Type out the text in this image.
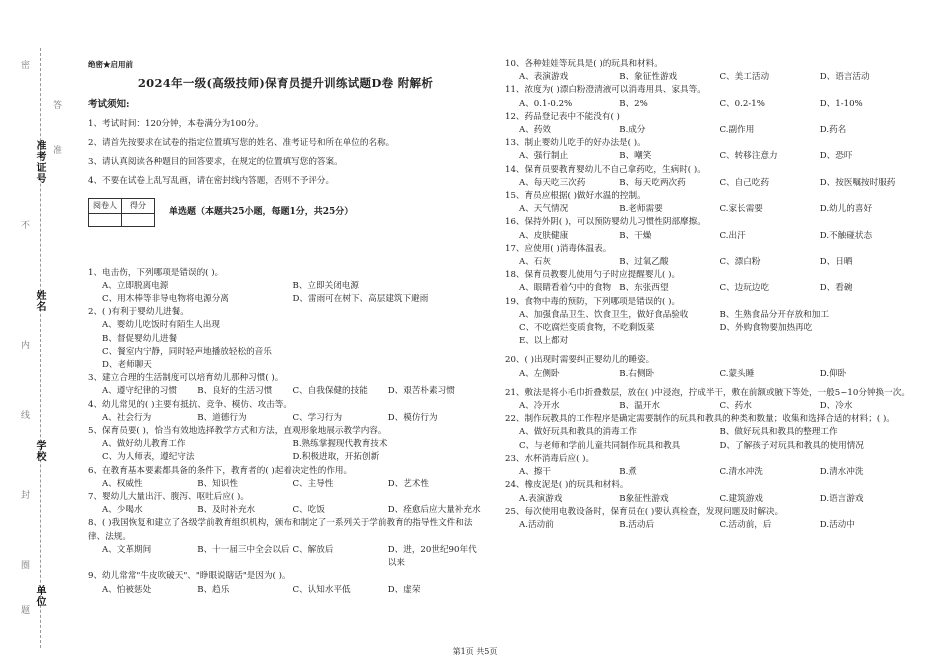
准考证号
姓名
学校
单位
密
不
内
线
封
圈
题
答
准
绝密★启用前
2024年一级(高级技师)保育员提升训练试题D卷 附解析
考试须知:
1、考试时间：120分钟，本卷满分为100分。
2、请首先按要求在试卷的指定位置填写您的姓名、准考证号和所在单位的名称。
3、请认真阅读各种题目的回答要求，在规定的位置填写您的答案。
4、不要在试卷上乱写乱画，请在密封线内答题，否则不予评分。
阅卷人	得分

单选题（本题共25小题，每题1分，共25分）
1、电击伤，下列哪项是错误的( )。
A、立即脱离电源	B、立即关闭电源
C、用木棒等非导电物将电源分离	D、雷雨可在树下、高层建筑下避雨
2、( )有利于婴幼儿进餐。
A、婴幼儿吃饭时有陌生人出现
B、督促婴幼儿进餐
C、餐室内宁静，同时轻声地播放轻松的音乐
D、老师聊天
3、建立合理的生活制度可以培育幼儿那种习惯( )。
A、遵守纪律的习惯	B、良好的生活习惯	C、自我保健的技能	D、艰苦朴素习惯
4、幼儿常见的( )主要有抵抗、竞争、模仿、攻击等。
A、社会行为	B、道德行为	C、学习行为	D、模仿行为
5、保育员要( )，恰当有效地选择教学方式和方法，直观形象地展示教学内容。
A、做好幼儿教育工作	B.熟练掌握现代教育技术
C、为人师表，遵纪守法	D.积极进取，开拓创新
6、在教育基本要素都具备的条件下，教育者的( )起着决定性的作用。
A、权威性	B、知识性	C、主导性	D、艺术性
7、婴幼儿大量出汗、腹泻、呕吐后应( )。
A、少喝水	B、及时补充水	C、吃饭	D、痊愈后应大量补充水
8、( )我国恢复和建立了各级学前教育组织机构，颁布和制定了一系列关于学前教育的指导性文件和法律、法规。
A、文革期间	B、十一届三中全会以后 C、解放后	D、进，20世纪90年代以来
9、幼儿常常"牛皮吹破天"、"睁眼说瞎话"是因为( )。
A、怕被惩处	B、趋乐	C、认知水平低	D、虚荣
10、各种娃娃等玩具是( )的玩具和材料。
A、表演游戏	B、象征性游戏	C、美工活动	D、语言活动
11、浓度为( )漂白粉澄清液可以消毒用具、家具等。
A、0.1-0.2%	B、2%	C、0.2-1%	D、1-10%
12、药品登记表中不能没有( )
A、药效	B.成分	C.副作用	D.药名
13、制止婴幼儿吃手的好办法是( )。
A、强行制止	B、嘲笑	C、转移注意力	D、恐吓
14、保育员要教育婴幼儿不自己拿药吃，生病时( )。
A、每天吃三次药	B、每天吃两次药	C、自己吃药	D、按医嘱按时服药
15、育员应根据( )做好水温的控制。
A、天气情况	B.老师需要	C.家长需要	D.幼儿的喜好
16、保持外阴( )，可以预防婴幼儿习惯性阴部摩擦。
A、皮肤健康	B、干燥	C.出汗	D.不触碰状态
17、应使用( )消毒体温表。
A、石灰	B、过氧乙酸	C、漂白粉	D、日晒
18、保育员教婴儿使用勺子时应提醒婴儿( )。
A、眼睛看着勺中的食物 B、东张西望	C、边玩边吃	D、看碗
19、食物中毒的预防，下列哪项是错误的( )。
A、加强食品卫生、饮食卫生，做好食品验收	B、生熟食品分开存放和加工
C、不吃腐烂变质食物，不吃剩饭菜	D、外购食物要加热再吃
E、以上都对
20、( )出现时需要纠正婴幼儿的睡姿。
A、左侧卧	B.右侧卧	C.蒙头睡	D.仰卧
21、敷法是将小毛巾折叠数层，放在( )中浸泡，拧成半干，敷在前额或腋下等处，一般5~10分钟换一次。
A、冷开水	B、温开水	C、药水	D、冷水
22、制作玩教具的工作程序是确定需要制作的玩具和教具的种类和数量；收集和选择合适的材料；( )。
A、做好玩具和教具的消毒工作	B、做好玩具和教具的整理工作
C、与老师和学前儿童共同制作玩具和教具	D、了解孩子对玩具和教具的使用情况
23、水杯消毒后应( )。
A、擦干	B.煮	C.清水冲洗	D.清水冲洗
24、橡皮泥是( )的玩具和材料。
A.表演游戏	B象征性游戏	C.建筑游戏	D.语言游戏
25、每次使用电教设备时，保育员在( )要认真检查，发现问题及时解决。
A.活动前	B.活动后	C.活动前，后	D.活动中
第1页 共5页
